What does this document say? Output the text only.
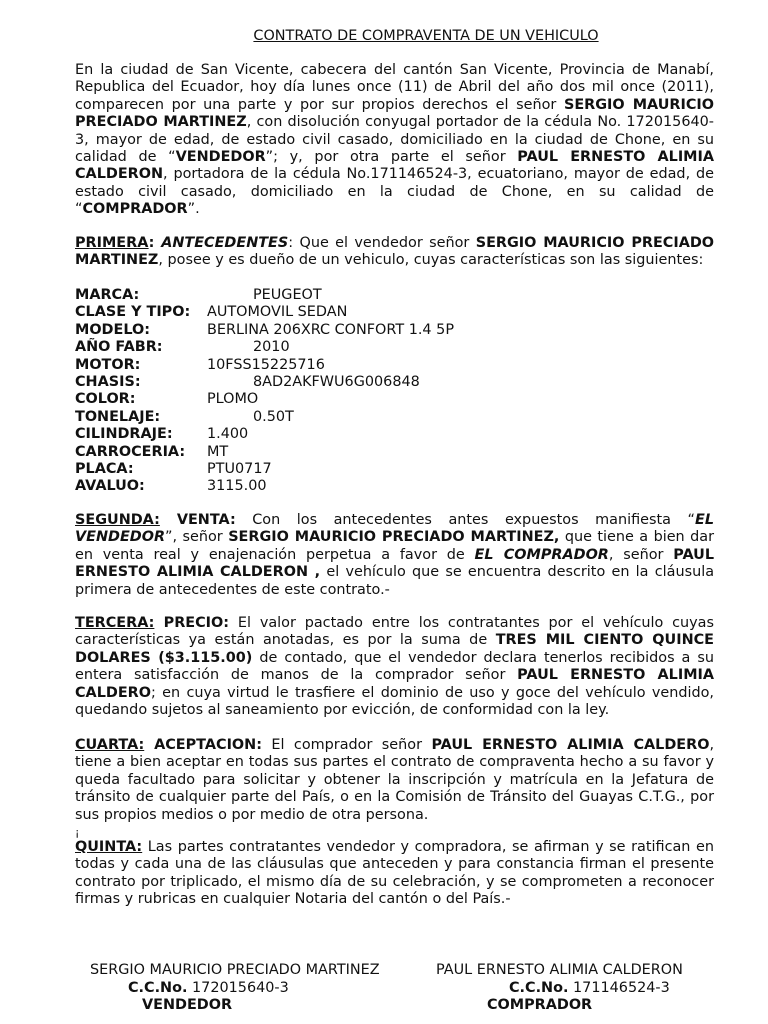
CONTRATO DE COMPRAVENTA DE UN VEHICULO

En la ciudad de San Vicente, cabecera del cantón San Vicente, Provincia de Manabí, Republica del Ecuador, hoy día lunes once (11) de Abril del año dos mil once (2011), comparecen por una parte y por sur propios derechos el señor SERGIO MAURICIO PRECIADO MARTINEZ, con disolución conyugal portador de la cédula No. 172015640-3, mayor de edad, de estado civil casado, domiciliado en la ciudad de Chone, en su calidad de “VENDEDOR”; y, por otra parte el señor PAUL ERNESTO ALIMIA CALDERON, portadora de la cédula No.171146524-3, ecuatoriano, mayor de edad, de estado civil casado, domiciliado en la ciudad de Chone, en su calidad de “COMPRADOR”.

PRIMERA: ANTECEDENTES: Que el vendedor señor SERGIO MAURICIO PRECIADO MARTINEZ, posee y es dueño de un vehiculo, cuyas características son las siguientes:

MARCA:	PEUGEOT
CLASE Y TIPO: AUTOMOVIL SEDAN
MODELO:	BERLINA 206XRC CONFORT 1.4 5P
AÑO FABR:	2010
MOTOR:	10FSS15225716
CHASIS:	8AD2AKFWU6G006848
COLOR:	PLOMO
TONELAJE:	0.50T
CILINDRAJE: 1.400
CARROCERIA: MT
PLACA:	PTU0717
AVALUO:	3115.00

SEGUNDA: VENTA: Con los antecedentes antes expuestos manifiesta “EL VENDEDOR”, señor SERGIO MAURICIO PRECIADO MARTINEZ, que tiene a bien dar en venta real y enajenación perpetua a favor de EL COMPRADOR, señor PAUL ERNESTO ALIMIA CALDERON , el vehículo que se encuentra descrito en la cláusula primera de antecedentes de este contrato.-

TERCERA: PRECIO: El valor pactado entre los contratantes por el vehículo cuyas características ya están anotadas, es por la suma de TRES MIL CIENTO QUINCE DOLARES ($3.115.00) de contado, que el vendedor declara tenerlos recibidos a su entera satisfacción de manos de la comprador señor PAUL ERNESTO ALIMIA CALDERO; en cuya virtud le trasfiere el dominio de uso y goce del vehículo vendido, quedando sujetos al saneamiento por evicción, de conformidad con la ley.

CUARTA: ACEPTACION: El comprador señor PAUL ERNESTO ALIMIA CALDERO, tiene a bien aceptar en todas sus partes el contrato de compraventa hecho a su favor y queda facultado para solicitar y obtener la inscripción y matrícula en la Jefatura de tránsito de cualquier parte del País, o en la Comisión de Tránsito del Guayas C.T.G., por sus propios medios o por medio de otra persona.

¡

QUINTA: Las partes contratantes vendedor y compradora, se afirman y se ratifican en todas y cada una de las cláusulas que anteceden y para constancia firman el presente contrato por triplicado, el mismo día de su celebración, y se comprometen a reconocer firmas y rubricas en cualquier Notaria del cantón o del País.-

SERGIO MAURICIO PRECIADO MARTINEZ
C.C.No. 172015640-3
VENDEDOR
PAUL ERNESTO ALIMIA CALDERON
C.C.No. 171146524-3
COMPRADOR
